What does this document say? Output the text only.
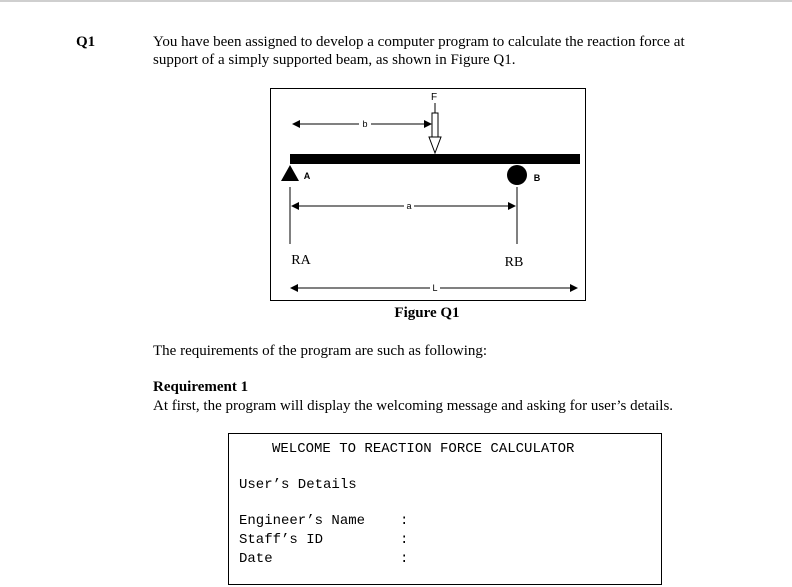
Q1	You have been assigned to develop a computer program to calculate the reaction force at
support of a simply supported beam, as shown in Figure Q1.
F
b
A	B
a
RA	RB
L
Figure Q1
The requirements of the program are such as following:
Requirement 1
At first, the program will display the welcoming message and asking for user’s details.
WELCOME TO REACTION FORCE CALCULATOR
User’s Details
Engineer’s Name :
Staff’s ID	:
Date	:
